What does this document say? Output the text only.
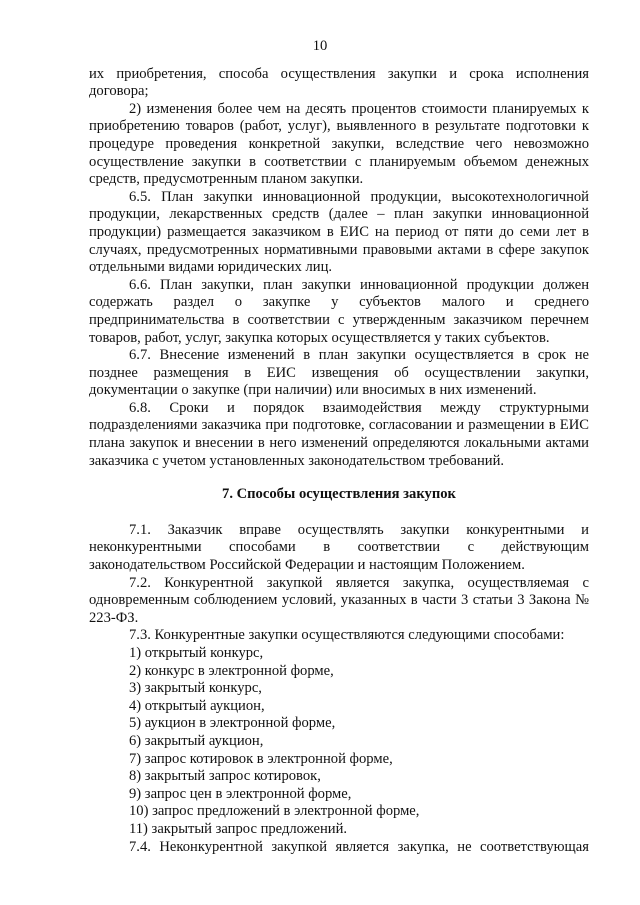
10

их приобретения, способа осуществления закупки и срока исполнения договора;

2) изменения более чем на десять процентов стоимости планируемых к приобретению товаров (работ, услуг), выявленного в результате подготовки к процедуре проведения конкретной закупки, вследствие чего невозможно осуществление закупки в соответствии с планируемым объемом денежных средств, предусмотренным планом закупки.

6.5. План закупки инновационной продукции, высокотехнологичной продукции, лекарственных средств (далее – план закупки инновационной продукции) размещается заказчиком в ЕИС на период от пяти до семи лет в случаях, предусмотренных нормативными правовыми актами в сфере закупок отдельными видами юридических лиц.

6.6. План закупки, план закупки инновационной продукции должен содержать раздел о закупке у субъектов малого и среднего предпринимательства в соответствии с утвержденным заказчиком перечнем товаров, работ, услуг, закупка которых осуществляется у таких субъектов.

6.7. Внесение изменений в план закупки осуществляется в срок не позднее размещения в ЕИС извещения об осуществлении закупки, документации о закупке (при наличии) или вносимых в них изменений.

6.8. Сроки и порядок взаимодействия между структурными подразделениями заказчика при подготовке, согласовании и размещении в ЕИС плана закупок и внесении в него изменений определяются локальными актами заказчика с учетом установленных законодательством требований.

7. Способы осуществления закупок

7.1. Заказчик вправе осуществлять закупки конкурентными и неконкурентными способами в соответствии с действующим законодательством Российской Федерации и настоящим Положением.

7.2. Конкурентной закупкой является закупка, осуществляемая с одновременным соблюдением условий, указанных в части 3 статьи 3 Закона № 223-ФЗ.

7.3. Конкурентные закупки осуществляются следующими способами:

1) открытый конкурс,
2) конкурс в электронной форме,
3) закрытый конкурс,
4) открытый аукцион,
5) аукцион в электронной форме,
6) закрытый аукцион,
7) запрос котировок в электронной форме,
8) закрытый запрос котировок,
9) запрос цен в электронной форме,
10) запрос предложений в электронной форме,
11) закрытый запрос предложений.

7.4. Неконкурентной закупкой является закупка, не соответствующая
